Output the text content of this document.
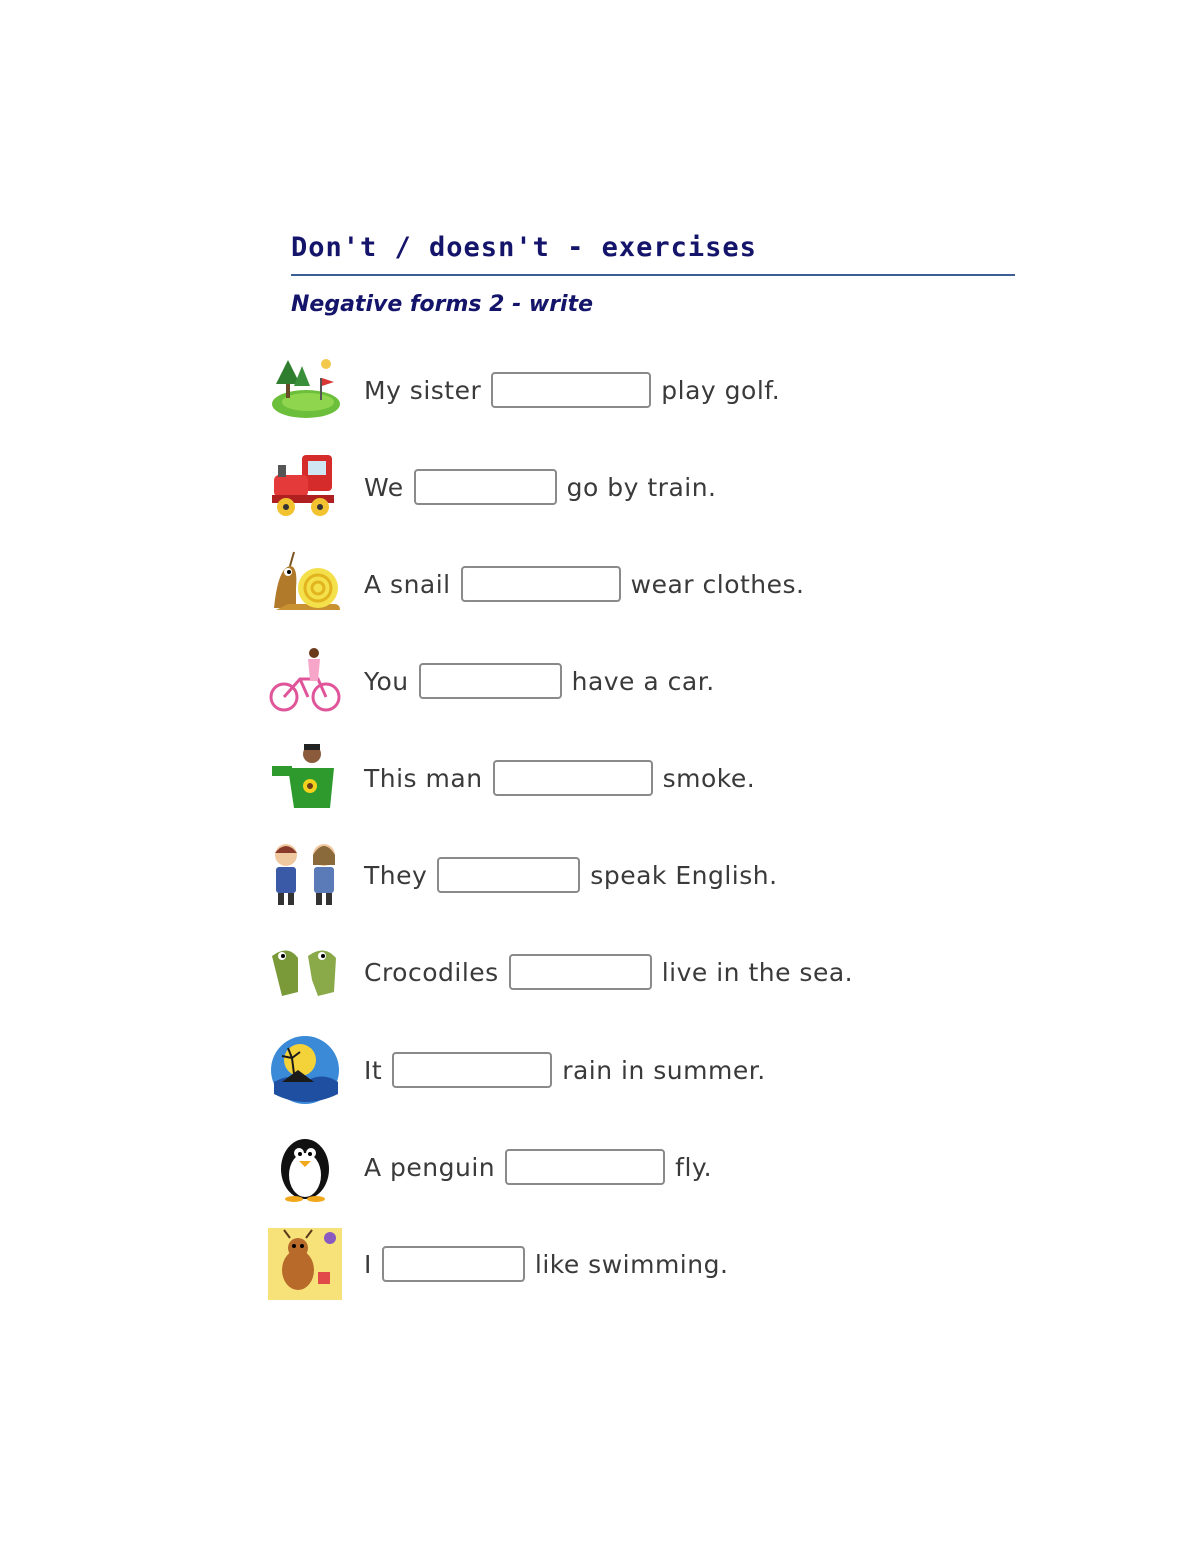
Don't / doesn't - exercises
Negative forms 2 - write
My sister	play golf.
We	go by train.
A snail	wear clothes.
You	have a car.
This man	smoke.
They	speak English.
Crocodiles	live in the sea.
It	rain in summer.
A penguin	fly.
I	like swimming.
